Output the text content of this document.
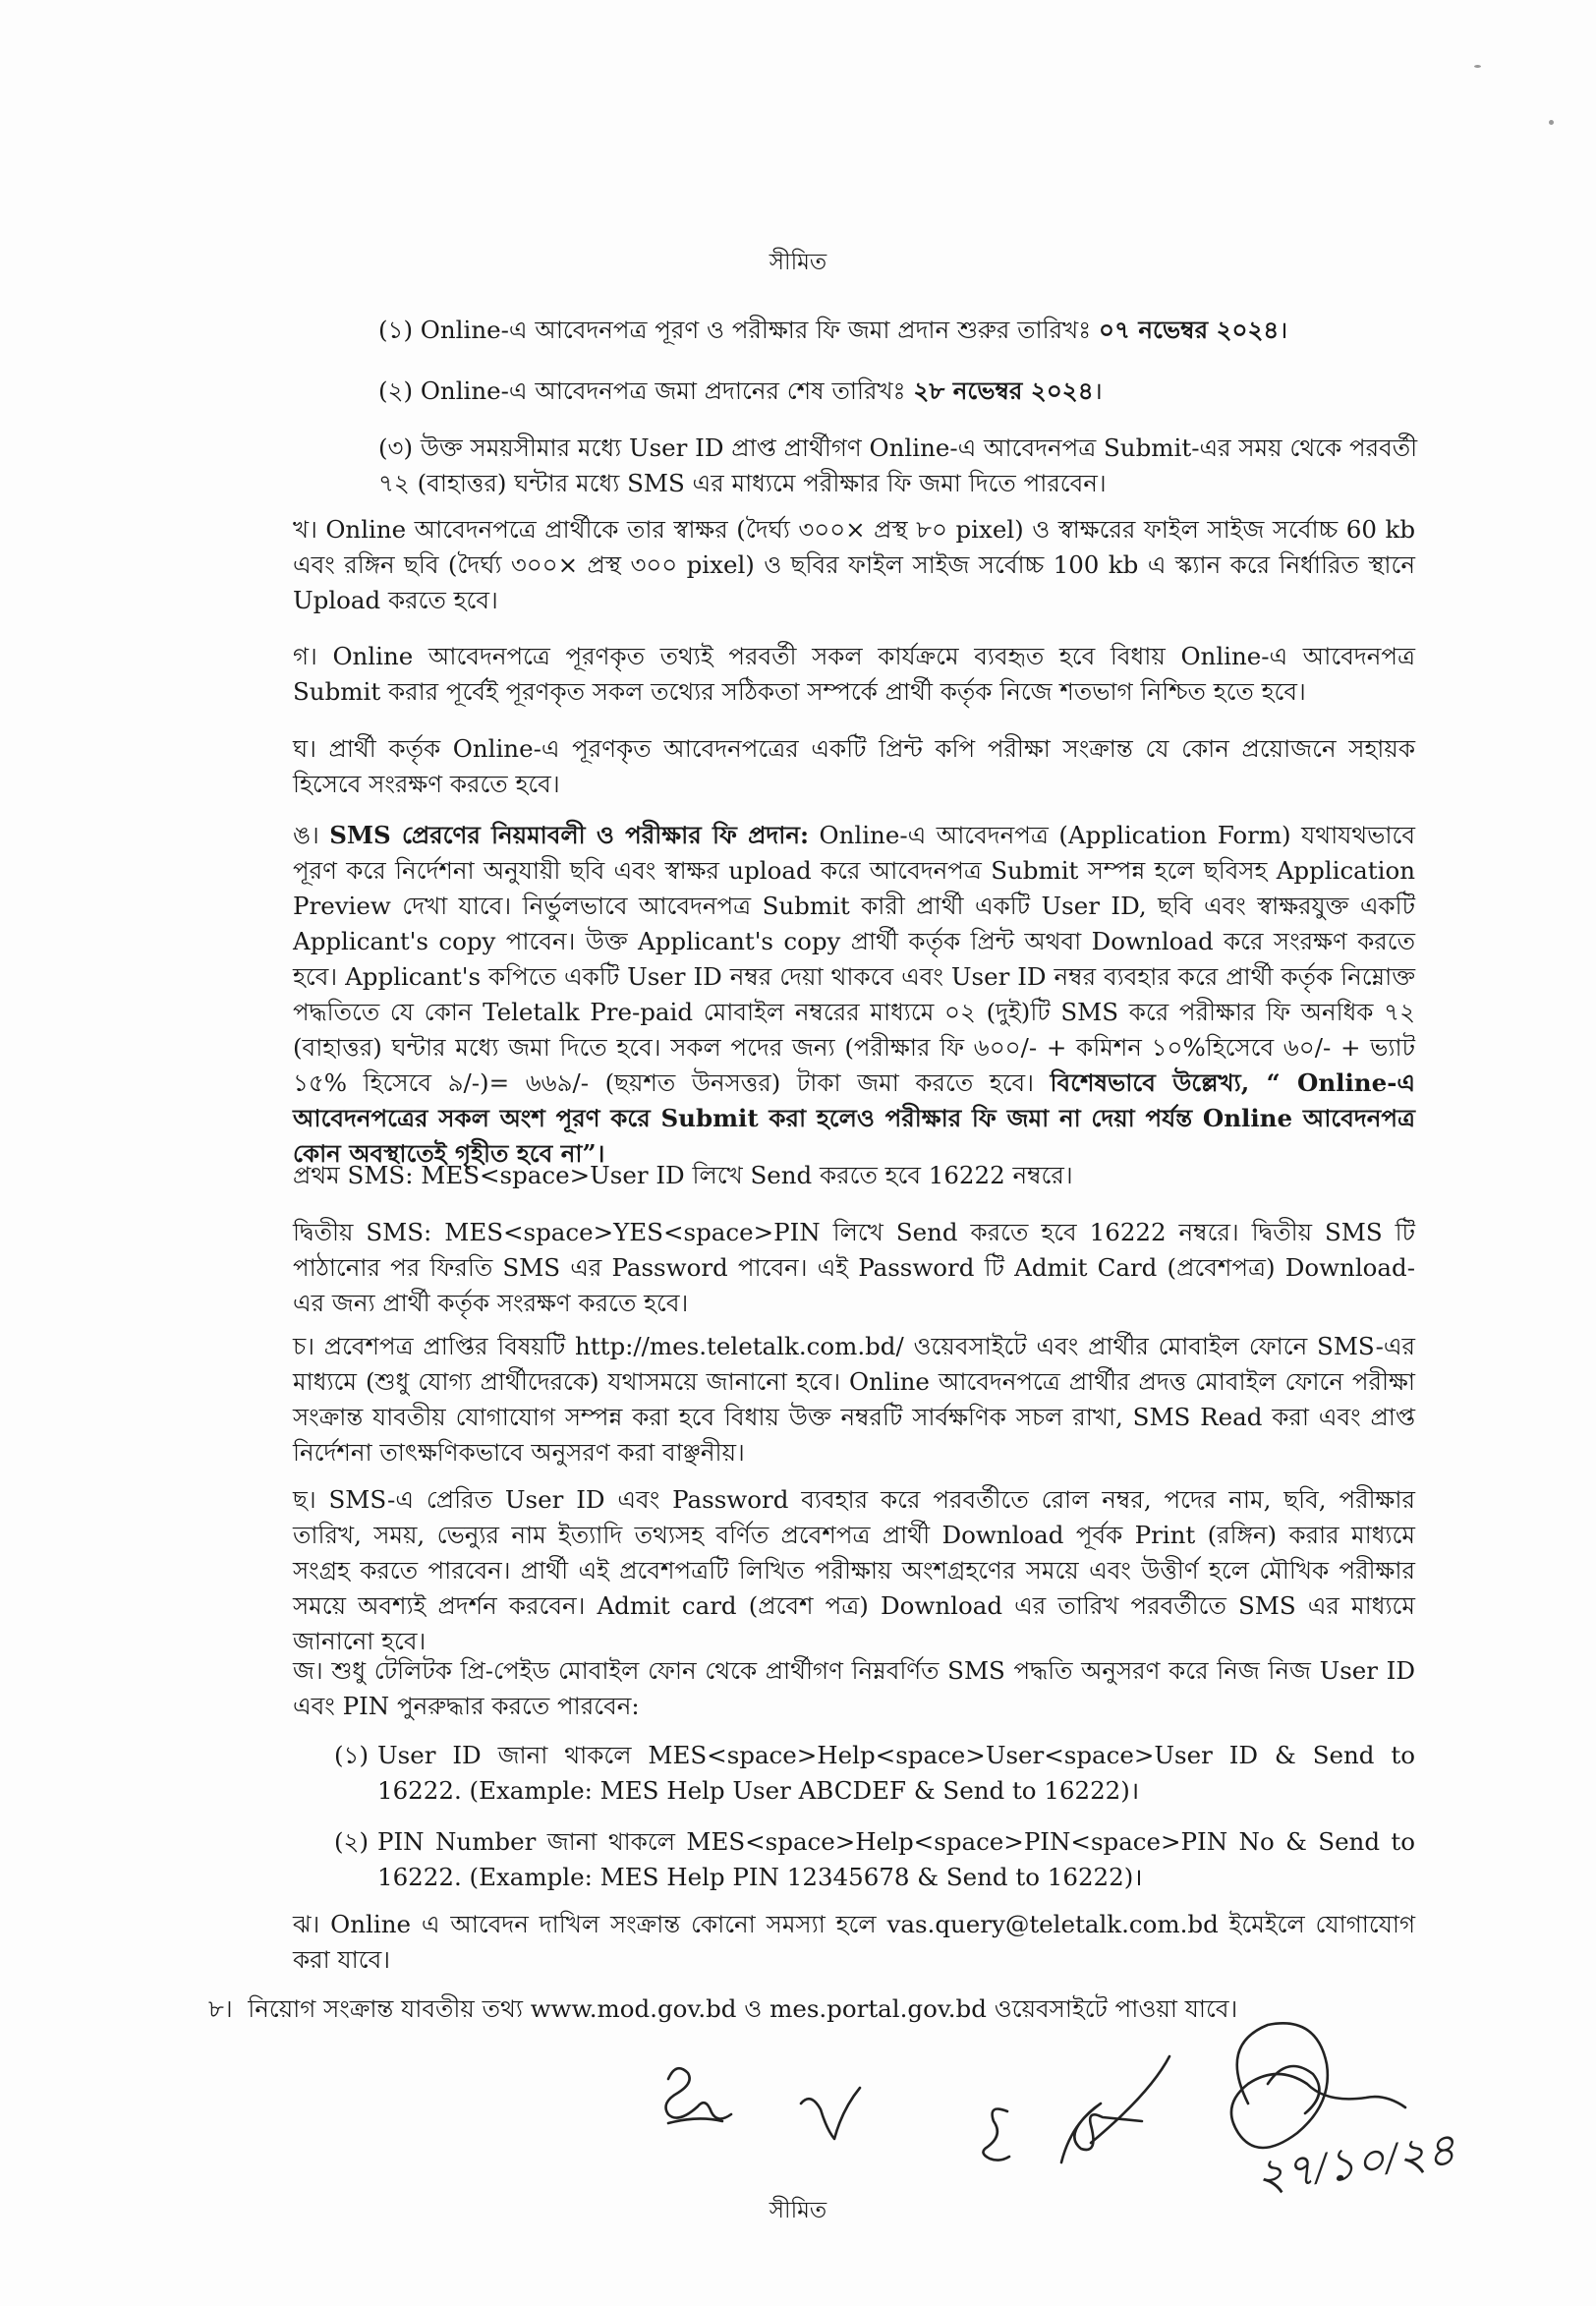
সীমিত
(১) Online-এ আবেদনপত্র পূরণ ও পরীক্ষার ফি জমা প্রদান শুরুর তারিখঃ ০৭ নভেম্বর ২০২৪।
(২) Online-এ আবেদনপত্র জমা প্রদানের শেষ তারিখঃ ২৮ নভেম্বর ২০২৪।
(৩) উক্ত সময়সীমার মধ্যে User ID প্রাপ্ত প্রার্থীগণ Online-এ আবেদনপত্র Submit-এর সময় থেকে পরবর্তী
৭২ (বাহাত্তর) ঘন্টার মধ্যে SMS এর মাধ্যমে পরীক্ষার ফি জমা দিতে পারবেন।
খ। Online আবেদনপত্রে প্রার্থীকে তার স্বাক্ষর (দৈর্ঘ্য ৩০০× প্রস্থ ৮০ pixel) ও স্বাক্ষরের ফাইল সাইজ সর্বোচ্চ 60 kb এবং রঙ্গিন ছবি (দৈর্ঘ্য ৩০০× প্রস্থ ৩০০ pixel) ও ছবির ফাইল সাইজ সর্বোচ্চ 100 kb এ স্ক্যান করে নির্ধারিত স্থানে Upload করতে হবে।
গ। Online আবেদনপত্রে পূরণকৃত তথ্যই পরবর্তী সকল কার্যক্রমে ব্যবহৃত হবে বিধায় Online-এ আবেদনপত্র Submit করার পূর্বেই পূরণকৃত সকল তথ্যের সঠিকতা সম্পর্কে প্রার্থী কর্তৃক নিজে শতভাগ নিশ্চিত হতে হবে।
ঘ। প্রার্থী কর্তৃক Online-এ পূরণকৃত আবেদনপত্রের একটি প্রিন্ট কপি পরীক্ষা সংক্রান্ত যে কোন প্রয়োজনে সহায়ক হিসেবে সংরক্ষণ করতে হবে।
ঙ। SMS প্রেরণের নিয়মাবলী ও পরীক্ষার ফি প্রদান: Online-এ আবেদনপত্র (Application Form) যথাযথভাবে পূরণ করে নির্দেশনা অনুযায়ী ছবি এবং স্বাক্ষর upload করে আবেদনপত্র Submit সম্পন্ন হলে ছবিসহ Application Preview দেখা যাবে। নির্ভুলভাবে আবেদনপত্র Submit কারী প্রার্থী একটি User ID, ছবি এবং স্বাক্ষরযুক্ত একটি Applicant's copy পাবেন। উক্ত Applicant's copy প্রার্থী কর্তৃক প্রিন্ট অথবা Download করে সংরক্ষণ করতে হবে। Applicant's কপিতে একটি User ID নম্বর দেয়া থাকবে এবং User ID নম্বর ব্যবহার করে প্রার্থী কর্তৃক নিম্নোক্ত পদ্ধতিতে যে কোন Teletalk Pre-paid মোবাইল নম্বরের মাধ্যমে ০২ (দুই)টি SMS করে পরীক্ষার ফি অনধিক ৭২ (বাহাত্তর) ঘন্টার মধ্যে জমা দিতে হবে। সকল পদের জন্য (পরীক্ষার ফি ৬০০/- + কমিশন ১০%হিসেবে ৬০/- + ভ্যাট ১৫% হিসেবে ৯/-)= ৬৬৯/- (ছয়শত উনসত্তর) টাকা জমা করতে হবে। বিশেষভাবে উল্লেখ্য, “ Online-এ আবেদনপত্রের সকল অংশ পূরণ করে Submit করা হলেও পরীক্ষার ফি জমা না দেয়া পর্যন্ত Online আবেদনপত্র কোন অবস্থাতেই গৃহীত হবে না”।
প্রথম SMS: MES<space>User ID লিখে Send করতে হবে 16222 নম্বরে।
দ্বিতীয় SMS: MES<space>YES<space>PIN লিখে Send করতে হবে 16222 নম্বরে। দ্বিতীয় SMS টি পাঠানোর পর ফিরতি SMS এর Password পাবেন। এই Password টি Admit Card (প্রবেশপত্র) Download-এর জন্য প্রার্থী কর্তৃক সংরক্ষণ করতে হবে।
চ। প্রবেশপত্র প্রাপ্তির বিষয়টি http://mes.teletalk.com.bd/ ওয়েবসাইটে এবং প্রার্থীর মোবাইল ফোনে SMS-এর মাধ্যমে (শুধু যোগ্য প্রার্থীদেরকে) যথাসময়ে জানানো হবে। Online আবেদনপত্রে প্রার্থীর প্রদত্ত মোবাইল ফোনে পরীক্ষা সংক্রান্ত যাবতীয় যোগাযোগ সম্পন্ন করা হবে বিধায় উক্ত নম্বরটি সার্বক্ষণিক সচল রাখা, SMS Read করা এবং প্রাপ্ত নির্দেশনা তাৎক্ষণিকভাবে অনুসরণ করা বাঞ্ছনীয়।
ছ। SMS-এ প্রেরিত User ID এবং Password ব্যবহার করে পরবর্তীতে রোল নম্বর, পদের নাম, ছবি, পরীক্ষার তারিখ, সময়, ভেন্যুর নাম ইত্যাদি তথ্যসহ বর্ণিত প্রবেশপত্র প্রার্থী Download পূর্বক Print (রঙ্গিন) করার মাধ্যমে সংগ্রহ করতে পারবেন। প্রার্থী এই প্রবেশপত্রটি লিখিত পরীক্ষায় অংশগ্রহণের সময়ে এবং উত্তীর্ণ হলে মৌখিক পরীক্ষার সময়ে অবশ্যই প্রদর্শন করবেন। Admit card (প্রবেশ পত্র) Download এর তারিখ পরবর্তীতে SMS এর মাধ্যমে জানানো হবে।
জ। শুধু টেলিটক প্রি-পেইড মোবাইল ফোন থেকে প্রার্থীগণ নিম্নবর্ণিত SMS পদ্ধতি অনুসরণ করে নিজ নিজ User ID এবং PIN পুনরুদ্ধার করতে পারবেন:
(১) User ID জানা থাকলে MES<space>Help<space>User<space>User ID & Send to 16222. (Example: MES Help User ABCDEF & Send to 16222)।
(২) PIN Number জানা থাকলে MES<space>Help<space>PIN<space>PIN No & Send to 16222. (Example: MES Help PIN 12345678 & Send to 16222)।
ঝ। Online এ আবেদন দাখিল সংক্রান্ত কোনো সমস্যা হলে vas.query@teletalk.com.bd ইমেইলে যোগাযোগ করা যাবে।
৮। নিয়োগ সংক্রান্ত যাবতীয় তথ্য www.mod.gov.bd ও mes.portal.gov.bd ওয়েবসাইটে পাওয়া যাবে।
২৭/১০/২৪
সীমিত
